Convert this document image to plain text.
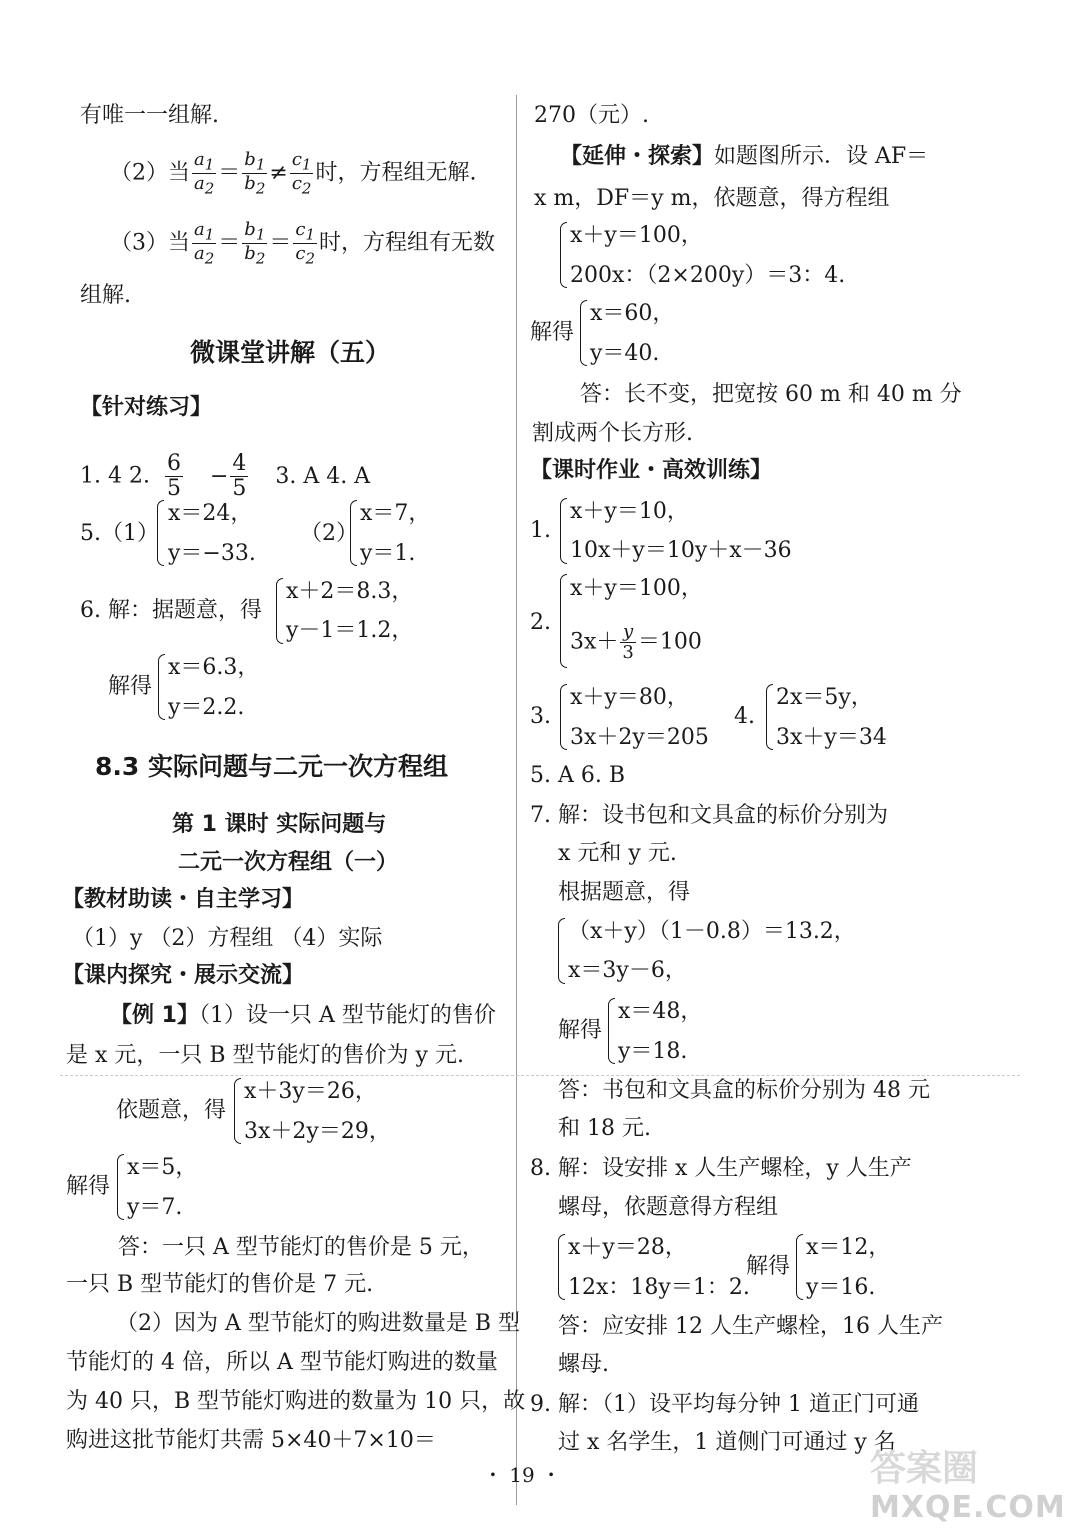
有唯一一组解.
（2）当 $\frac{a_1}{a_2} = \frac{b_1}{b_2} \ne \frac{c_1}{c_2}$ 时，方程组无解.
（3）当 $\frac{a_1}{a_2} = \frac{b_1}{b_2} = \frac{c_1}{c_2}$ 时，方程组有无数
组解.
微课堂讲解（五）
【针对练习】
1. 4 2. $\frac{6}{5} - \frac{4}{5} 3$. A 4. A
5.（1）
x＝24，
y＝−33.
（2）
x＝7，
y＝1.
6. 解：据题意，得
x＋2＝8.3，
y－1＝1.2，
解得
x＝6.3，
y＝2.2.
8.3 实际问题与二元一次方程组
第 1 课时 实际问题与
二元一次方程组（一）
【教材助读・自主学习】
（1）y （2）方程组 （4）实际
【课内探究・展示交流】
【例 1】（1）设一只 A 型节能灯的售价
是 x 元，一只 B 型节能灯的售价为 y 元.
依题意，得
x＋3y＝26，
3x＋2y＝29，
解得
x＝5，
y＝7.
答：一只 A 型节能灯的售价是 5 元，
一只 B 型节能灯的售价是 7 元.
（2）因为 A 型节能灯的购进数量是 B 型
节能灯的 4 倍，所以 A 型节能灯购进的数量
为 40 只，B 型节能灯购进的数量为 10 只，故
购进这批节能灯共需 5×40＋7×10＝
270（元）.
【延伸・探索】如题图所示．设 AF＝
x m，DF＝y m，依题意，得方程组
x＋y＝100，
200x：（2×200y）＝3：4.
解得
x＝60，
y＝40.
答：长不变，把宽按 60 m 和 40 m 分
割成两个长方形.
【课时作业・高效训练】
1.
x＋y＝10，
10x＋y＝10y＋x－36
2.
x＋y＝100，
$3x+ \frac{y}{3} =100$
3.
x＋y＝80，
3x＋2y＝205
4.
2x＝5y，
3x＋y＝34
5. A 6. B
7. 解：设书包和文具盒的标价分别为
x 元和 y 元.
根据题意，得
（x＋y）（1－0.8）＝13.2，
x＝3y－6，
解得
x＝48，
y＝18.
答：书包和文具盒的标价分别为 48 元
和 18 元.
8. 解：设安排 x 人生产螺栓，y 人生产
螺母，依题意得方程组
x＋y＝28，
12x：18y＝1：2.
解得
x＝12，
y＝16.
答：应安排 12 人生产螺栓，16 人生产
螺母.
9. 解：（1）设平均每分钟 1 道正门可通
过 x 名学生，1 道侧门可通过 y 名
・ 19 ・	答案圈
MXQE.COM
